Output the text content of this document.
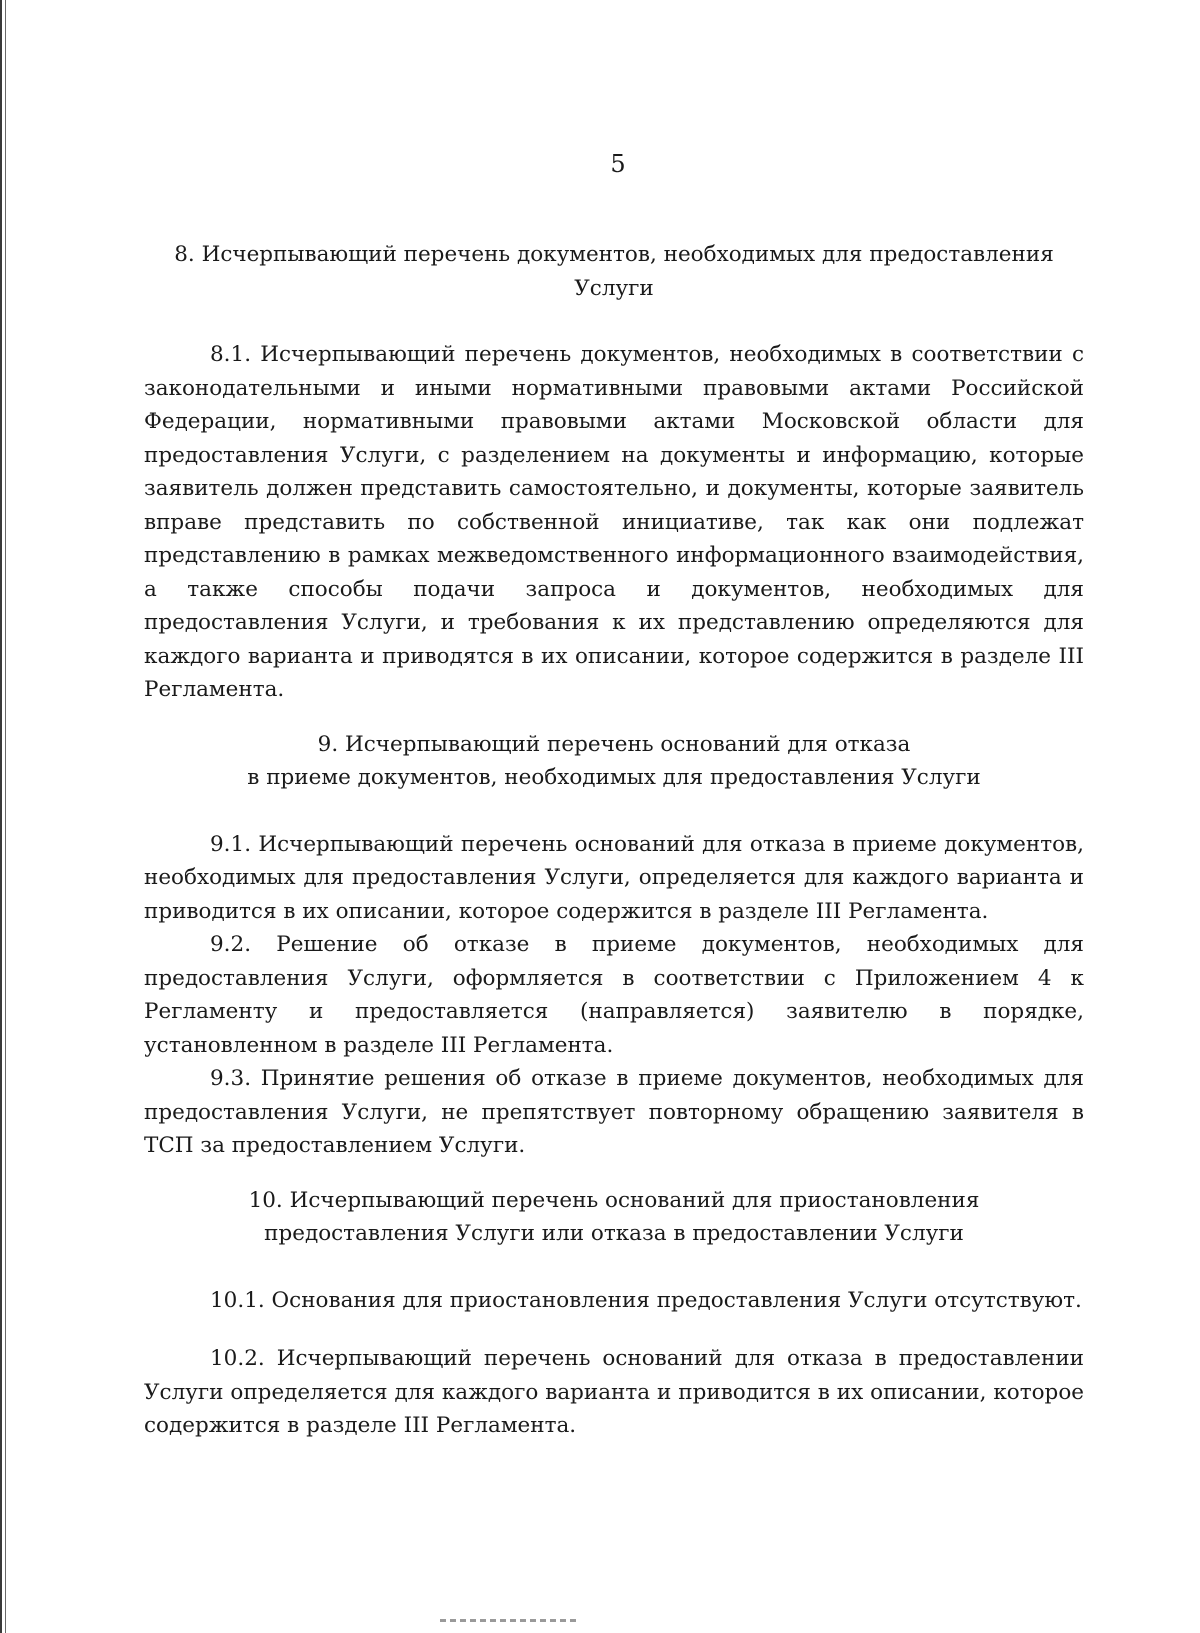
5
8. Исчерпывающий перечень документов, необходимых для предоставления
Услуги

8.1. Исчерпывающий перечень документов, необходимых в соответствии с законодательными и иными нормативными правовыми актами Российской Федерации, нормативными правовыми актами Московской области для предоставления Услуги, с разделением на документы и информацию, которые заявитель должен представить самостоятельно, и документы, которые заявитель вправе представить по собственной инициативе, так как они подлежат представлению в рамках межведомственного информационного взаимодействия, а также способы подачи запроса и документов, необходимых для предоставления Услуги, и требования к их представлению определяются для каждого варианта и приводятся в их описании, которое содержится в разделе III Регламента.

9. Исчерпывающий перечень оснований для отказа
в приеме документов, необходимых для предоставления Услуги

9.1. Исчерпывающий перечень оснований для отказа в приеме документов, необходимых для предоставления Услуги, определяется для каждого варианта и приводится в их описании, которое содержится в разделе III Регламента.

9.2. Решение об отказе в приеме документов, необходимых для предоставления Услуги, оформляется в соответствии с Приложением 4 к Регламенту и предоставляется (направляется) заявителю в порядке, установленном в разделе III Регламента.

9.3. Принятие решения об отказе в приеме документов, необходимых для предоставления Услуги, не препятствует повторному обращению заявителя в ТСП за предоставлением Услуги.

10. Исчерпывающий перечень оснований для приостановления
предоставления Услуги или отказа в предоставлении Услуги

10.1. Основания для приостановления предоставления Услуги отсутствуют.

10.2. Исчерпывающий перечень оснований для отказа в предоставлении Услуги определяется для каждого варианта и приводится в их описании, которое содержится в разделе III Регламента.
